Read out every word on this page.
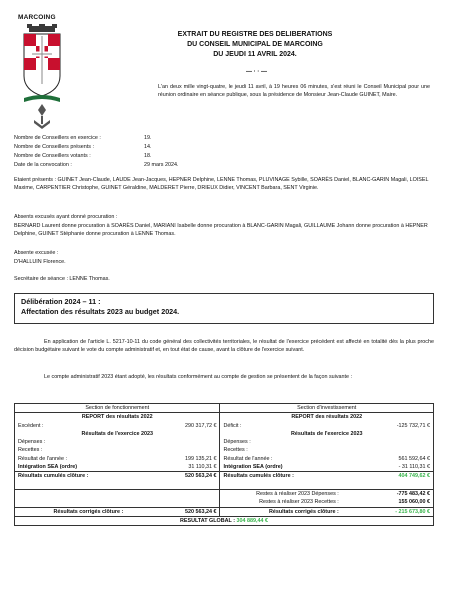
MARCOING
EXTRAIT DU REGISTRE DES DELIBERATIONS
DU CONSEIL MUNICIPAL DE MARCOING
DU JEUDI 11 AVRIL 2024.
— · · —
L'an deux mille vingt-quatre, le jeudi 11 avril, à 19 heures 06 minutes, s'est réuni le Conseil Municipal pour une réunion ordinaire en séance publique, sous la présidence de Monsieur Jean-Claude GUINET, Maire.
Nombre de Conseillers en exercice :	19.
Nombre de Conseillers présents :	14.
Nombre de Conseillers votants :	18.
Date de la convocation :	29 mars 2024.
Etaient présents : GUINET Jean-Claude, LAUDE Jean-Jacques, HEPNER Delphine, LENNE Thomas, PLUVINAGE Sybille, SOARÈS Daniel, BLANC-GARIN Magali, LOISEL Maxime, CARPENTIER Christophe, GUINET Géraldine, MALDERET Pierre, DRIEUX Didier, VINCENT Barbara, SENT Virginie.
Absents excusés ayant donné procuration :
BERNARD Laurent donne procuration à SOARÈS Daniel, MARIANI Isabelle donne procuration à BLANC-GARIN Magali, GUILLAUME Johann donne procuration à HEPNER Delphine, GUINET Stéphanie donne procuration à LENNE Thomas.
Absente excusée :
D'HALLUIN Florence.
Secrétaire de séance : LENNE Thomas.
Délibération 2024 – 11 :
Affectation des résultats 2023 au budget 2024.
En application de l'article L. 5217-10-11 du code général des collectivités territoriales, le résultat de l'exercice précédent est affecté en totalité dès la plus proche décision budgétaire suivant le vote du compte administratif et, en tout état de cause, avant la clôture de l'exercice suivant.
Le compte administratif 2023 étant adopté, les résultats conformément au compte de gestion se présentent de la façon suivante :
Section de fonctionnement		Section d'investissement	
REPORT des résultats 2022		REPORT des résultats 2022	
Excédent :	290 317,72 €	Déficit :	-125 732,71 €
Résultats de l'exercice 2023		Résultats de l'exercice 2023	
Dépenses :		Dépenses :	
Recettes :		Recettes :	
Résultat de l'année :	199 135,21 €	Résultat de l'année :	561 592,64 €
Intégration SEA (ordre)	31 110,31 €	Intégration SEA (ordre)	- 31 110,31 €
Résultats cumulés clôture :	520 563,24 €	Résultats cumulés clôture :	404 749,62 €

		Restes à réaliser 2023 Dépenses :	-775 483,42 €
		Restes à réaliser 2023 Recettes :	155 060,00 €
Résultats corrigés clôture :	520 563,24 €	Résultats corrigés clôture :	- 215 673,80 €
RESULTAT GLOBAL : 304 889,44 €			
